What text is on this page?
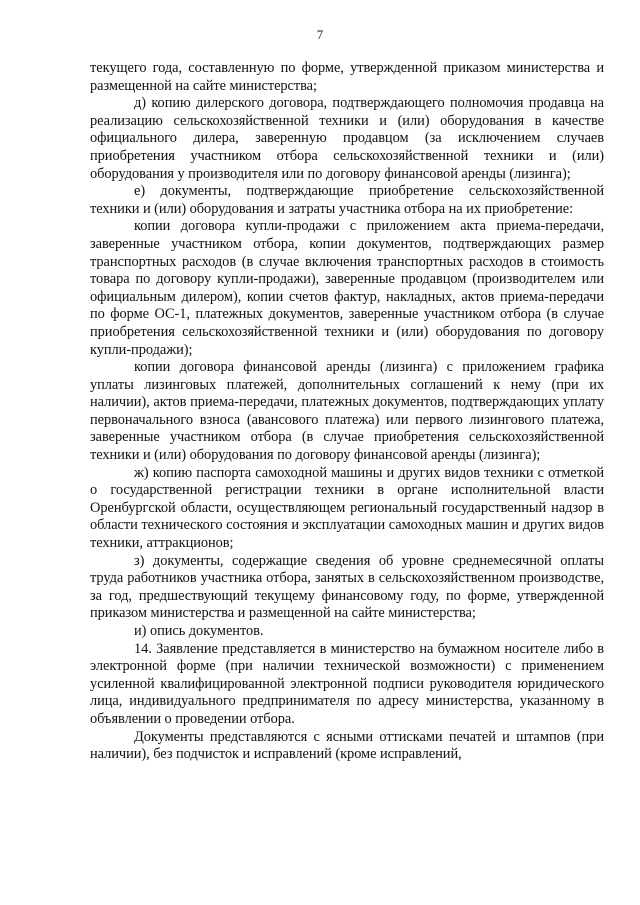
7

текущего года, составленную по форме, утвержденной приказом министерства и размещенной на сайте министерства;

д) копию дилерского договора, подтверждающего полномочия продавца на реализацию сельскохозяйственной техники и (или) оборудования в качестве официального дилера, заверенную продавцом (за исключением случаев приобретения участником отбора сельскохозяйственной техники и (или) оборудования у производителя или по договору финансовой аренды (лизинга);

е) документы, подтверждающие приобретение сельскохозяйственной техники и (или) оборудования и затраты участника отбора на их приобретение:

копии договора купли-продажи с приложением акта приема-передачи, заверенные участником отбора, копии документов, подтверждающих размер транспортных расходов (в случае включения транспортных расходов в стоимость товара по договору купли-продажи), заверенные продавцом (производителем или официальным дилером), копии счетов фактур, накладных, актов приема-передачи по форме ОС-1, платежных документов, заверенные участником отбора (в случае приобретения сельскохозяйственной техники и (или) оборудования по договору купли-продажи);

копии договора финансовой аренды (лизинга) с приложением графика уплаты лизинговых платежей, дополнительных соглашений к нему (при их наличии), актов приема-передачи, платежных документов, подтверждающих уплату первоначального взноса (авансового платежа) или первого лизингового платежа, заверенные участником отбора (в случае приобретения сельскохозяйственной техники и (или) оборудования по договору финансовой аренды (лизинга);

ж) копию паспорта самоходной машины и других видов техники с отметкой о государственной регистрации техники в органе исполнительной власти Оренбургской области, осуществляющем региональный государственный надзор в области технического состояния и эксплуатации самоходных машин и других видов техники, аттракционов;

з) документы, содержащие сведения об уровне среднемесячной оплаты труда работников участника отбора, занятых в сельскохозяйственном производстве, за год, предшествующий текущему финансовому году, по форме, утвержденной приказом министерства и размещенной на сайте министерства;

и) опись документов.

14. Заявление представляется в министерство на бумажном носителе либо в электронной форме (при наличии технической возможности) с применением усиленной квалифицированной электронной подписи руководителя юридического лица, индивидуального предпринимателя по адресу министерства, указанному в объявлении о проведении отбора.

Документы представляются с ясными оттисками печатей и штампов (при наличии), без подчисток и исправлений (кроме исправлений,
